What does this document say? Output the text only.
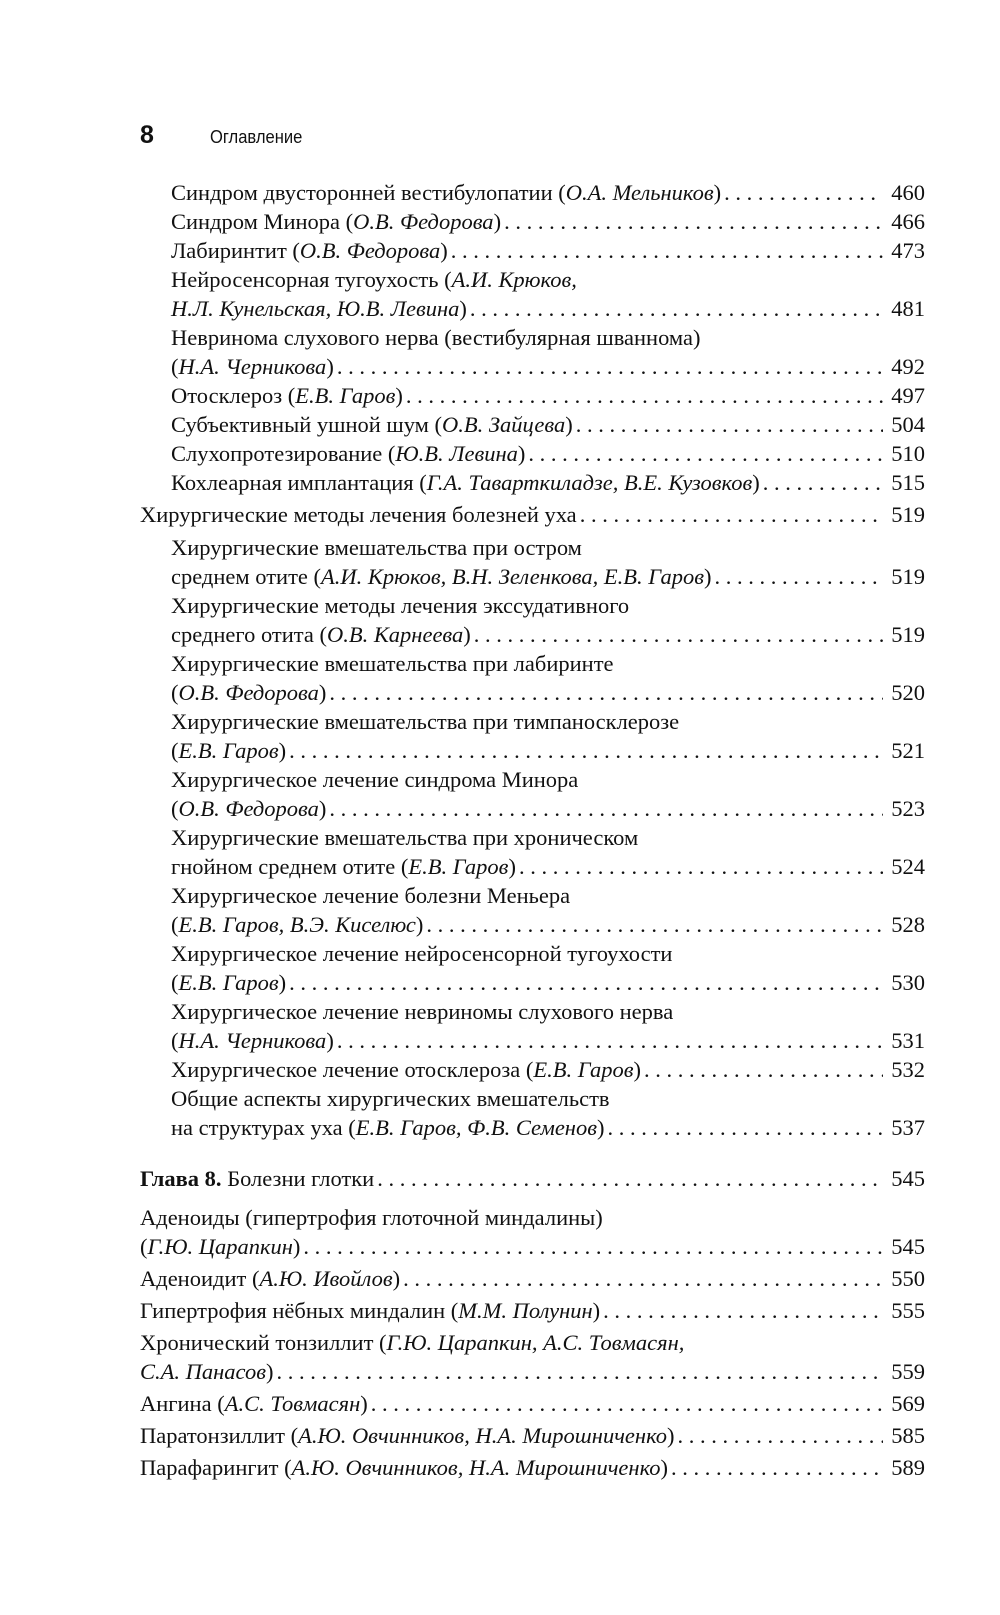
8	Оглавление
Синдром двусторонней вестибулопатии (О.А. Мельников) . . .	460
Синдром Минора (О.В. Федорова) . . .	466
Лабиринтит (О.В. Федорова) . . .	473
Нейросенсорная тугоухость (А.И. Крюков,
Н.Л. Кунельская, Ю.В. Левина) . . .	481
Невринома слухового нерва (вестибулярная шваннома)
(Н.А. Черникова) . . .	492
Отосклероз (Е.В. Гаров) . . .	497
Субъективный ушной шум (О.В. Зайцева) . . .	504
Слухопротезирование (Ю.В. Левина) . . .	510
Кохлеарная имплантация (Г.А. Таварткиладзе, В.Е. Кузовков) . . .	515
Хирургические методы лечения болезней уха . . .	519
Хирургические вмешательства при остром
среднем отите (А.И. Крюков, В.Н. Зеленкова, Е.В. Гаров) . . .	519
Хирургические методы лечения экссудативного
среднего отита (О.В. Карнеева) . . .	519
Хирургические вмешательства при лабиринте
(О.В. Федорова) . . .	520
Хирургические вмешательства при тимпаносклерозе
(Е.В. Гаров) . . .	521
Хирургическое лечение синдрома Минора
(О.В. Федорова) . . .	523
Хирургические вмешательства при хроническом
гнойном среднем отите (Е.В. Гаров) . . .	524
Хирургическое лечение болезни Меньера
(Е.В. Гаров, В.Э. Киселюс) . . .	528
Хирургическое лечение нейросенсорной тугоухости
(Е.В. Гаров) . . .	530
Хирургическое лечение невриномы слухового нерва
(Н.А. Черникова) . . .	531
Хирургическое лечение отосклероза (Е.В. Гаров) . . .	532
Общие аспекты хирургических вмешательств
на структурах уха (Е.В. Гаров, Ф.В. Семенов) . . .	537
Глава 8. Болезни глотки . . .	545
Аденоиды (гипертрофия глоточной миндалины)
(Г.Ю. Царапкин) . . .	545
Аденоидит (А.Ю. Ивойлов) . . .	550
Гипертрофия нёбных миндалин (М.М. Полунин) . . .	555
Хронический тонзиллит (Г.Ю. Царапкин, А.С. Товмасян,
С.А. Панасов) . . .	559
Ангина (А.С. Товмасян) . . .	569
Паратонзиллит (А.Ю. Овчинников, Н.А. Мирошниченко) . . .	585
Парафарингит (А.Ю. Овчинников, Н.А. Мирошниченко) . . .	589
